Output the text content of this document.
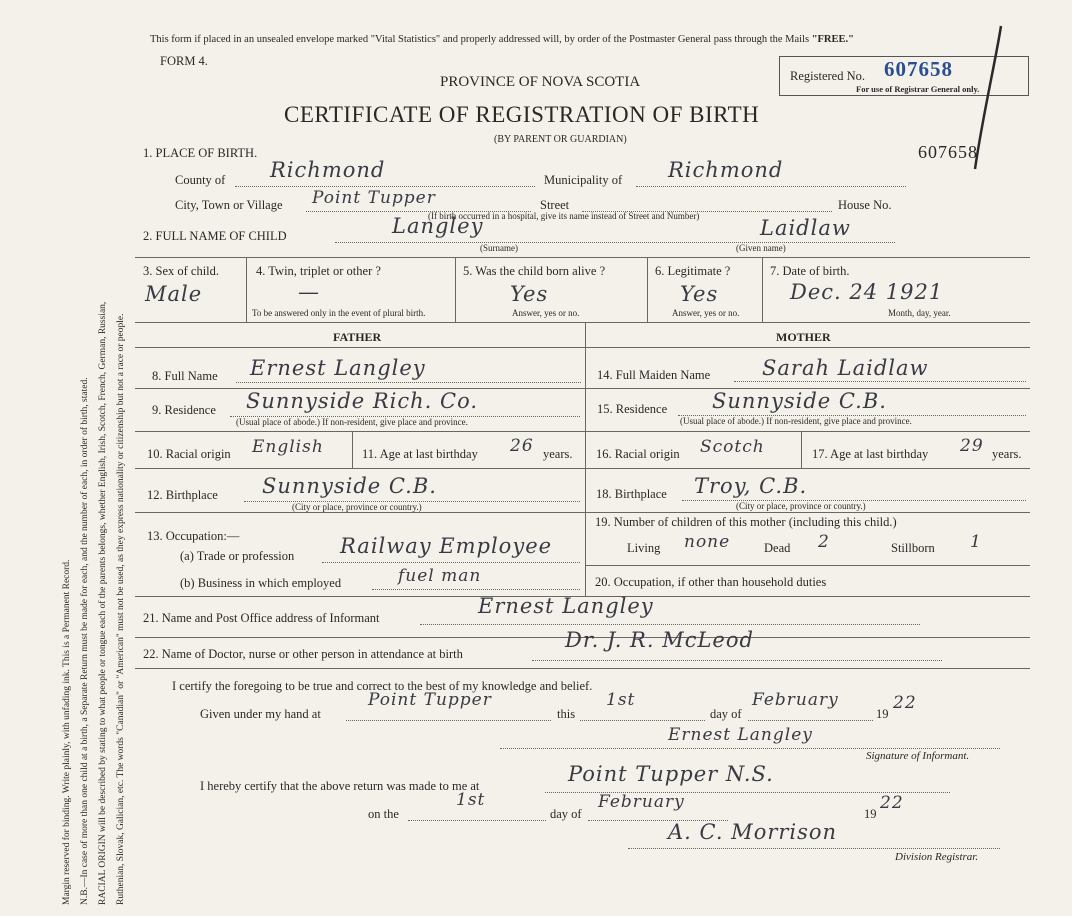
Margin reserved for binding. Write plainly, with unfading ink. This is a Permanent Record. N.B.—In case of more than one child at a birth, a Separate Return must be made for each, and the number of each, in order of birth, stated. RACIAL ORIGIN will be described by stating to what people or tongue each of the parents belongs, whether English, Irish, Scotch, French, German, Russian, Ruthenian, Slovak, Galician, etc. The words "Canadian" or "American" must not be used, as they express nationality or citizenship but not a race or people.
This form if placed in an unsealed envelope marked "Vital Statistics" and properly addressed will, by order of the Postmaster General pass through the Mails "FREE."
FORM 4.
PROVINCE OF NOVA SCOTIA
CERTIFICATE OF REGISTRATION OF BIRTH
(BY PARENT OR GUARDIAN)
Registered No. 607658
For use of Registrar General only.
607658
1. PLACE OF BIRTH.
County of Richmond	Municipality of Richmond
City, Town or Village Point Tupper	Street	House No.
(If birth occurred in a hospital, give its name instead of Street and Number)
2. FULL NAME OF CHILD	Langley	Laidlaw
(Surname)	(Given name)
3. Sex of child.
Male
4. Twin, triplet or other ?
—
To be answered only in the event of plural birth.
5. Was the child born alive ?
Yes
Answer, yes or no.
6. Legitimate ?
Yes
Answer, yes or no.
7. Date of birth.
Dec. 24 1921
Month, day, year.
FATHER	MOTHER
8. Full Name Ernest Langley	14. Full Maiden Name Sarah Laidlaw
9. Residence Sunnyside Rich. Co.
(Usual place of abode.) If non-resident, give place and province.
15. Residence Sunnyside C.B.
(Usual place of abode.) If non-resident, give place and province.
10. Racial origin English	11. Age at last birthday 26 years. 16. Racial origin Scotch	17. Age at last birthday 29 years.
12. Birthplace Sunnyside C.B.
(City or place, province or country.)
18. Birthplace Troy, C.B.
(City or place, province or country.)
13. Occupation:—
(a) Trade or profession Railway Employee
19. Number of children of this mother (including this child.)
Living none	Dead 2	Stillborn 1
(b) Business in which employed	fuel man	20. Occupation, if other than household duties
21. Name and Post Office address of Informant	Ernest Langley
22. Name of Doctor, nurse or other person in attendance at birth
Dr. J. R. McLeod
I certify the foregoing to be true and correct to the best of my knowledge and belief.
Given under my hand at
Point Tupper
this
1st
day of
February
19
22
Ernest Langley
Signature of Informant.
I hereby certify that the above return was made to me at	Point Tupper N.S.
on the
1st
day of
February
19
22
A. C. Morrison
Division Registrar.
